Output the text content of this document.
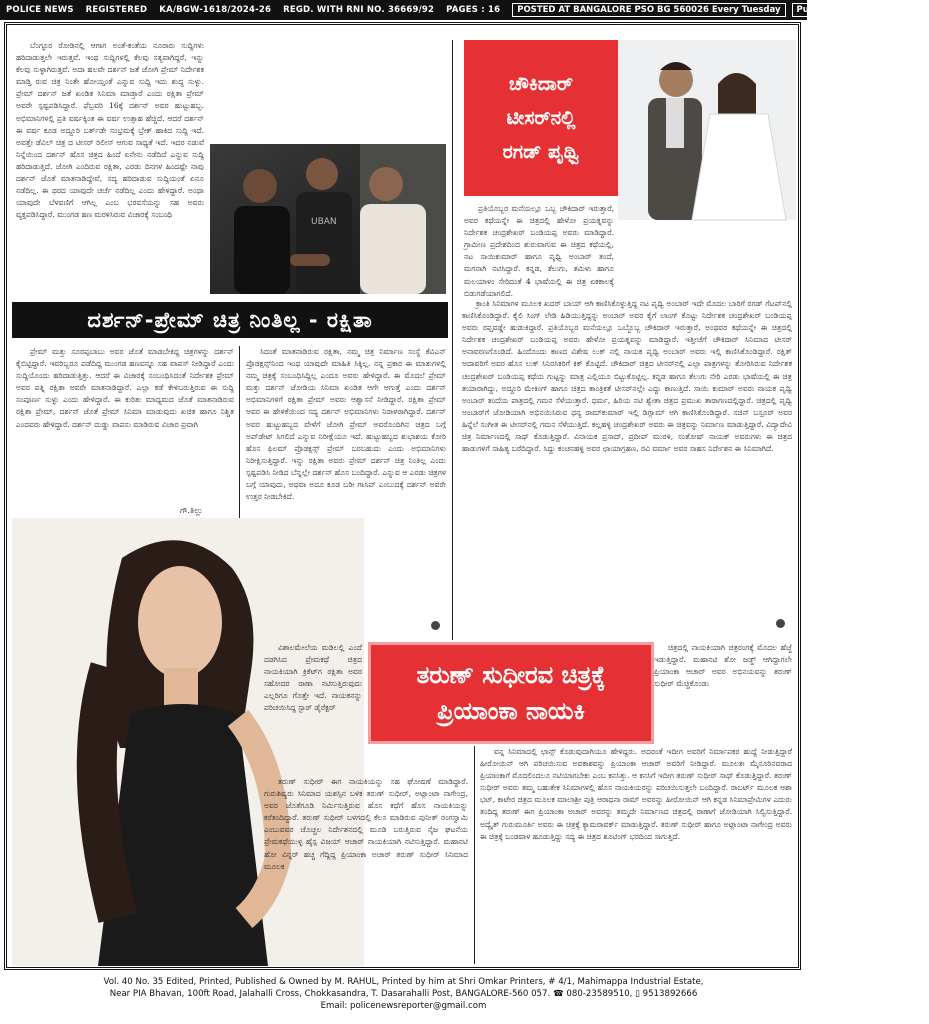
POLICE NEWS	REGISTERED	KA/BGW-1618/2024-26	REGD. WITH RNI NO. 36669/92	PAGES : 16	POSTED AT BANGALORE PSO BG 560026 Every Tuesday	Publishing Date : 2.2.2025
UBAN

ಬೆಂಗ್ಳೂರ ರೋಡಿನಲ್ಲಿ ಆಗಾಗ ಅಂತೆ-ಕಂತೆಯ ನೂರಾರು ಸುದ್ದಿಗಳು ಹರಿದಾಡುತ್ತಲೇ ಇರುತ್ತವೆ. ಇಂಥ ಸುದ್ದಿಗಳಲ್ಲಿ ಕೆಲವು ಸತ್ಯವಾಗಿದ್ದರೆ, ಇನ್ನು ಕೆಲವು ಸುಳ್ಳಾಗಿರುತ್ತವೆ. ಅದಾ ಹಲವೇ ದರ್ಶನ್ ಜತೆ ಜೋಗಿ ಪ್ರೇಮ್ ನಿರ್ದೇಶಕ ಮಾಡ್ತಿ ರುವ ಚಿತ್ರ ನಿಂತೇ ಹೋಯ್ತಂತೆ ಎನ್ನುವ ಸುದ್ದಿ ಇದು ಶುದ್ಧ ಸುಳ್ಳು. ಪ್ರೇಮ್ ದರ್ಶನ್ ಜತೆ ಖಂಡಿತ ಸಿನಿಮಾ ಮಾಡ್ತಾರೆ ಎಂದು ರಕ್ಷಿತಾ ಪ್ರೇಮ್ ಅವರೇ ಸ್ಪಷ್ಟಪಡಿಸಿದ್ದಾರೆ. ಫೆಬ್ರವರಿ 16ಕ್ಕೆ ದರ್ಶನ್ ಅವರ ಹುಟ್ಟುಹಬ್ಬ. ಅಭಿಮಾನಿಗಳಲ್ಲಿ ಪ್ರತಿ ವರ್ಷಕ್ಕಿಂತ ಈ ವರ್ಷ ಉತ್ಸಾಹ ಹೆಚ್ಚಿದೆ. ಆದರೆ ದರ್ಶನ್ ಈ ವರ್ಷ ಕೂಡ ಅದ್ದೂರಿ ಬರ್ತ್‌ಡೇ ಸಂಭ್ರಮಕ್ಕೆ ಬ್ರೇಕ್ ಹಾಕಿದ ಸುದ್ದಿ ಇದೆ. ಅವತ್ತೇ ಡೆವಿಲ್ ಚಿತ್ರ ದ ಟೀಸರ್ ರಿಲೀಸ್ ಆಗುವ ಸಾಧ್ಯತೆ ಇದೆ. ಇದರ ನಡುವೆ ನಿನ್ನೆಯಿಂದ ದರ್ಶನ್ ಹೊಸ ಚಿತ್ರದ ಹಿಂದೆ ಏನೇನು ನಡೆದಿದೆ ಎನ್ನುವ ಸುದ್ದಿ ಹರಿದಾಡುತ್ತಿದೆ. ಜೋಗಿ ಎಂದಿರುವ ರಕ್ಷಿತಾ, ಎರಡು ದಿನಗಳ ಹಿಂದಷ್ಟೇ ನಾವು ದರ್ಶನ್ ಜೊತೆ ಮಾತನಾಡಿದ್ದೇವೆ, ಸದ್ಯ ಹರಿದಾಡುವ ಸುದ್ದಿಯಂತೆ ಏನೂ ನಡೆದಿಲ್ಲ. ಈ ಥರದ ಯಾವುದೇ ಚರ್ಚೆ ನಡೆದಿಲ್ಲ ಎಂದು ಹೇಳಿದ್ದಾರೆ. ಅಂಥಾ ಯಾವುದೇ ಬೆಳವಣಿಗೆ ಆಗಿಲ್ಲ ಎಂಬ ಭರವಸೆಯನ್ನು ಸಹ ಅವರು ವ್ಯಕ್ತಪಡಿಸಿದ್ದಾರೆ. ಮುಂಗಡ ಹಣ ಮರಳಿಸಿರುವ ವಿಚಾರಕ್ಕೆ ಸಂಬಂಧಿ

ಚೌಕಿದಾರ್
ಟೀಸರ್‌ನಲ್ಲಿ
ರಗಡ್ ಪೃಥ್ವಿ

ಪ್ರತಿಯೊಬ್ಬರ ಮನೆಯಲ್ಲೂ ಒಬ್ಬ ಚೌಕಿದಾರ್ ಇರುತ್ತಾರೆ, ಅವರ ಕಥೆಯನ್ನೇ ಈ ಚಿತ್ರದಲ್ಲಿ ಹೇಳೋ ಪ್ರಯತ್ನವನ್ನು ನಿರ್ದೇಶಕ ಚಂದ್ರಶೇಖರ್ ಬಂಡಿಯಪ್ಪ ಅವರು ಮಾಡಿದ್ದಾರೆ. ಗ್ರಾಮೀಣ ಪ್ರದೇಶದಿಂದ ಶುರುವಾಗುವ ಈ ಚಿತ್ರದ ಕಥೆಯಲ್ಲಿ, ನಟ ಸಾಯಿಕುಮಾರ್ ಹಾಗೂ ಪೃಥ್ವಿ ಅಂಬಾರ್ ತಂದೆ, ಮಗನಾಗಿ ನಟಿಸಿದ್ದಾರೆ. ಕನ್ನಡ, ತೆಲುಗು, ತಮಿಳು ಹಾಗೂ ಮಲಯಾಳಂ ಸೇರಿದಂತೆ 4 ಭಾಷೆಯಲ್ಲಿ ಈ ಚಿತ್ರ ಏಕಕಾಲಕ್ಕೆ ಬಿಡುಗಡೆಯಾಗಲಿದೆ.

ಕ್ರಾಂತಿ ಸಿನಿಮಾಗಳ ಮೂಲಕ ಖದರ್ ಬಾಯ್ ಆಗಿ ಕಾಣಿಸಿಕೊಳ್ಳುತ್ತಿದ್ದ ನಟ ಪೃಥ್ವಿ ಅಂಬಾರ್ ಇದೇ ಮೊದಲ ಬಾರಿಗೆ ರಗಡ್ ಗೆಟಪ್‌ನಲ್ಲಿ ಕಾಣಿಸಿಕೊಂಡಿದ್ದಾರೆ. ಕೈಲಿ ಸಿಂಗ್ ಲೇಡಿ ಹಿಡಿಯುತ್ತಿದ್ದನ್ನು ಅಂಬಾರ್ ಅವರ ಕೈಗೆ ಲಾಂಗ್ ಕೊಟ್ಟು ನಿರ್ದೇಶಕ ಚಂದ್ರಶೇಖರ್ ಬಂಡಿಯಪ್ಪ ಅವರು ರಫ್ತವಡ್ಡೇ ಹುಡುಕಿದ್ದಾರೆ. ಪ್ರತಿಯೊಬ್ಬರ ಮನೆಯಲ್ಲೂ ಒಬ್ಬೊಬ್ಬ ಚೌಕಿದಾರ್ ಇರುತ್ತಾರೆ, ಅಂಥವರ ಕಥೆಯನ್ನೇ ಈ ಚಿತ್ರದಲ್ಲಿ ನಿರ್ದೇಶಕ ಚಂದ್ರಶೇಖರ್ ಬಂಡಿಯಪ್ಪ ಅವರು ಹೇಳೋ ಪ್ರಯತ್ನವನ್ನು ಮಾಡಿದ್ದಾರೆ. ಇತ್ತೀಚೆಗೆ ಚೌಕಿದಾರ್ ಸಿನಿಮಾದ ಟೀಸರ್ ಅನಾವರಣಗೊಂಡಿದೆ. ಹಿಂದೊಂದು ಕಾಣದ ವಿಶೇಷ ಲುಕ್ ನಲ್ಲಿ ನಾಯಕ ಪೃಥ್ವಿ ಅಂಬಾರ್ ಅವರು ಇಲ್ಲಿ ಕಾಣಿಸಿಕೊಂಡಿದ್ದಾರೆ. ರಕ್ಷಿತ್ ಅದಾವರಿಗೆ ಅವರ ಹೊಸ ಲುಕ್ ಸಿನಿರಸಿಕರಿಗೆ ಕಿಕ್ ಕೊಟ್ಟಿದೆ. ಚೌಕಿದಾರ್ ಚಿತ್ರದ ಟೀಸರ್‌ನಲ್ಲಿ ಎಲ್ಲಾ ಪಾತ್ರಗಳನ್ನು ತೋರಿಸಿರುವ ನಿರ್ದೇಶಕ ಚಂದ್ರಶೇಖರ್ ಬಂಡಿಯಪ್ಪ ಕಥೆಯ ಗುಟ್ಟನ್ನು ಮಾತ್ರ ಎಲ್ಲಿಯೂ ಬಿಟ್ಟುಕೊಟ್ಟಿಲ್ಲ. ಕನ್ನಡ ಹಾಗೂ ತೆಲುಗು ನೇರಿ ಎರಡು ಭಾಷೆಯಲ್ಲಿ ಈ ಚಿತ್ರ ತಯಾರಾಗಿದ್ದು, ಅದ್ದೂರಿ ಮೇಕಿಂಗ್ ಹಾಗೂ ಚಿತ್ರದ ತಾಂತ್ರಿಕತೆ ಟೀಸರ್‌ನಲ್ಲೇ ಎದ್ದು ಕಾಣುತ್ತಿದೆ. ಸಾಯಿ ಕುಮಾರ್ ಅವರು ನಾಯಕ ಪೃಥ್ವಿ ಅಂಬಾರ್ ತಂದೆಯ ಪಾತ್ರದಲ್ಲಿ ಗಮನ ಸೆಳೆಯುತ್ತಾರೆ. ಧರ್ಮ, ಹಿರಿಯ ನಟಿ ಶ್ವೇತಾ ಚಿತ್ರದ ಪ್ರಮುಖ ತಾರಾಗಣದಲ್ಲಿದ್ದಾರೆ. ಚಿತ್ರದಲ್ಲಿ ಪೃಥ್ವಿ ಅಂಬಾರ್‌ಗೆ ಜೋಡಿಯಾಗಿ ಅಭಿನಯಿಸಿರುವ ಧನ್ಯ ರಾಮ್‌ಕುಮಾರ್ ಇಲ್ಲಿ ಡಿಗ್ಲಾಮ್ ಆಗಿ ಕಾಣಿಸಿಕೊಂಡಿದ್ದಾರೆ. ಸಚಿನ್ ಬಸ್ರೂರ್ ಅವರ ಹಿನ್ನೆಲೆ ಸಂಗೀತ ಈ ಟೀಸರ್‌ನಲ್ಲಿ ಗಮನ ಸೆಳೆಯುತ್ತಿದೆ. ಕಲ್ಲಹಳ್ಳಿ ಚಂದ್ರಶೇಖರ್ ಅವರು ಈ ಚಿತ್ರವನ್ನು ನಿರ್ಮಾಣ ಮಾಡುತ್ತಿದ್ದಾರೆ. ವಿದ್ಯಾದೇವಿ ಚಿತ್ರ ನಿರ್ಮಾಣದಲ್ಲಿ ಸಾಥ್ ಕೊಡುತ್ತಿದ್ದಾರೆ. ವಿನಾಯಕ ಪ್ರಸಾದ್, ಪ್ರದೀಪ್ ಮುರಳಿ, ಸಂತೋಷ್ ನಾಯಕ್ ಅವರುಗಳು ಈ ಚಿತ್ರದ ಹಾಡುಗಳಿಗೆ ಸಾಹಿತ್ಯ ಬರೆದಿದ್ದಾರೆ. ಸಿದ್ದು ಕಂಚನಹಳ್ಳಿ ಅವರ ಛಾಯಾಗ್ರಹಣ, ರವಿ ವರ್ಮಾ ಅವರ ಸಾಹಸ ನಿರ್ದೇಶನ ಈ ಸಿನಿಮಾಗಿದೆ.

ದರ್ಶನ್-ಪ್ರೇಮ್ ಚಿತ್ರ ನಿಂತಿಲ್ಲ - ರಕ್ಷಿತಾ

ಪ್ರೇಮ್ ಮತ್ತು ಸೂರಪ್ಪಬಾಬು ಅವರ ಜೊತೆ ಮಾಡಬೇಕಿದ್ದ ಚಿತ್ರಗಳನ್ನು ದರ್ಶನ್ ಕೈಬಿಟ್ಟಿದ್ದಾರೆ. ಇವರಿಬ್ಬರೂ ಪಡೆದಿದ್ದ ಮುಂಗಡ ಹಣವನ್ನೂ ಸಹ ವಾಪಸ್ ನೀಡಿದ್ದಾರೆ ಎಂದು ಸುದ್ದಿಯೊಂದು ಹರಿದಾಡುತ್ತಿತ್ತು. ಆದರೆ ಈ ವಿಚಾರಕ್ಕೆ ಸಂಬಂಧಿಸಿದಂತೆ ನಿರ್ದೇಶಕ ಪ್ರೇಮ್ ಅವರ ಪತ್ನಿ ರಕ್ಷಿತಾ ಅವರೇ ಮಾತನಾಡಿದ್ದಾರೆ. ಎಲ್ಲಾ ಕಡೆ ಕೇಳಿಬರುತ್ತಿರುವ ಈ ಸುದ್ದಿ ಸಂಪೂರ್ಣ ಸುಳ್ಳು ಎಂದು ಹೇಳಿದ್ದಾರೆ. ಈ ಕುರಿತು ಮಾಧ್ಯಮದ ಜೊತೆ ಮಾತನಾಡಿರುವ ರಕ್ಷಿತಾ ಪ್ರೇಮ್, ದರ್ಶನ್ ಜೊತೆ ಪ್ರೇಮ್ ಸಿನಿಮಾ ಮಾಡುವುದು ಖಚಿತ ಹಾಗೂ ನಿಶ್ಚಿತ ಎಂದವರು ಹೇಳಿದ್ದಾರೆ. ದರ್ಶನ್ ದುಡ್ಡು ವಾಪಸು ಮಾಡಿರುವ ವಿಚಾರ ಪ್ರವಾಗಿ

ಗೌ.ತಿಲ್ಲು

ಸಿದಂತೆ ಮಾತನಾಡಿರುವ ರಕ್ಷಿತಾ, ನಮ್ಮ ಚಿತ್ರ ನಿರ್ಮಾಣ ಸಂಸ್ಥೆ ಕೆವಿಎನ್ ಪ್ರೊಡಕ್ಷನ್ಸ್‌ನಿಂದ ಇಂಥ ಯಾವುದೇ ಮಾಹಿತಿ ಸಿಕ್ಕಿಲ್ಲ. ನನ್ನ ಪ್ರಕಾರ ಈ ಮಾತುಗಳಲ್ಲಿ ನಮ್ಮ ಚಿತ್ರಕ್ಕೆ ಸಂಬಂಧಿಸಿದ್ದಿಲ್ಲ ಎಂದೂ ಅವರು ಹೇಳಿದ್ದಾರೆ. ಈ ಮೊದಲೆ ಪ್ರೇಮ್ ಮತ್ತು ದರ್ಶನ್ ಜೋಡಿಯ ಸಿನಿಮಾ ಖಂಡಿತ ಆಗೇ ಆಗುತ್ತೆ ಎಂದು ದರ್ಶನ್ ಅಭಿಮಾನಿಗಳಿಗೆ ರಕ್ಷಿತಾ ಪ್ರೇಮ್ ಅವರು ಆಶ್ವಾಸನೆ ನೀಡಿದ್ದಾರೆ. ರಕ್ಷಿತಾ ಪ್ರೇಮ್ ಅವರ ಈ ಹೇಳಿಕೆಯಿಂದ ಸದ್ಯ ದರ್ಶನ್ ಅಭಿಮಾನಿಗಳು ನಿರಾಳರಾಗಿದ್ದಾರೆ. ದರ್ಶನ್ ಅವರ ಹುಟ್ಟುಹಬ್ಬದ ವೇಳೆಗೆ ಜೋಗಿ ಪ್ರೇಮ್ ಅವರೊಂದಿಗಿನ ಚಿತ್ರದ ಬಗ್ಗೆ ಅಪ್‌ಡೇಟ್ ಸಿಗಲಿದೆ ಎನ್ನುವ ನಿರೀಕ್ಷೆಯೂ ಇದೆ. ಹುಟ್ಟುಹಬ್ಬದ ಶುಭಾಶಯ ಕೋರಿ ಹೊಸ ಫಿಲಮ್ ಪ್ರೊಡಕ್ಷನ್ಸ್ ಪ್ರೇಮ್ ಬರಬಹುದು ಎಂದು ಅಭಿಮಾನಿಗಳು ನಿರೀಕ್ಷಿಸುತ್ತಿದ್ದಾರೆ. ಇನ್ನು ರಕ್ಷಿತಾ ಅವರು ಪ್ರೇಮ್ ದರ್ಶನ್ ಚಿತ್ರ ನಿಂತಿಲ್ಲ ಎಂದು ಸ್ಪಷ್ಟಪಡಿಸಿ ನೀಡಿದ ಬೆನ್ನಲ್ಲೇ ದರ್ಶನ್ ಹೊಸ ಬಂದಿದ್ದಾರೆ. ಎನ್ನುವ ಆ ಎರಡು ಚಿತ್ರಗಳ ಬಗ್ಗೆ ಯಾವುದು, ಅಥವಾ ಅದೂ ಕೂಡ ಬರೀ ಗಾಸಿಪ್ ಎಂಬುದಕ್ಕೆ ದರ್ಶನ್ ಅವರೇ ಉತ್ತರ ನೀಡಬೇಕಿದೆ.

ತರುಣ್ ಸುಧೀರವ ಚಿತ್ರಕ್ಕೆ
ಪ್ರಿಯಾಂಕಾ ನಾಯಕಿ

ವಿಶಾಲಮೇಲೆಯ ಮಡಿಲಲ್ಲಿ ಎಂದೆ ದಡಗಿಸಿದ ಪ್ರೇಮಕಥೆ ಚಿತ್ರದ ನಾಯಕಿಯಾಗಿ ಕ್ರಿಕೆಟ್‌ಗ ರಕ್ಷಿತಾ ಅವರ ಸಹೋದರ ರಾಣಾ ನಟಿಸುತ್ತಿರುವುದು ಎಲ್ಲರಿಗೂ ಗೊತ್ತೇ ಇದೆ. ನಾಯಕನನ್ನು ಪರಿಚಯಿಸಿದ್ದ ಸ್ಟಾರ್ ಡೈರೆಕ್ಟರ್

ಚಿತ್ರದಲ್ಲಿ ನಾಯಕಿಯಾಗಿ ಚಿತ್ರರಂಗಕ್ಕೆ ಮೊದಲ ಹೆಜ್ಜೆ ಇಡುತ್ತಿದ್ದಾರೆ. ಮಹಾನಟಿ ಶೋ ಜಡ್ಜ್ ಆಗಿದ್ದಾಗಲೇ ಪ್ರಿಯಾಂಕಾ ಆಚಾರ್ ಅವರ ಅಭಿನಯವನ್ನು ತರುಣ್ ಸುಧೀರ್ ಮೆಚ್ಚಿಕೊಂಡು

ತರುಣ್ ಸುಧೀರ್ ಈಗ ನಾಯಕಿಯನ್ನು ಸಹ ಘೋಷಣೆ ಮಾಡಿದ್ದಾರೆ. ಗುರುಶಿಷ್ಯರು ಸಿನಿಮಾದ ಯಶಸ್ಸಿನ ಬಳಿಕ ತರುಣ್ ಸುಧೀರ್, ಅಟ್ಲಾಂಟಾ ನಾಗೇಂದ್ರ, ಅವರ ಜೊತೆಗೂಡಿ ನಿರ್ಮಿಸುತ್ತಿರುವ ಹೊಸ ಕಥೆಗೆ ಹೊಸ ನಾಯಕಿಯನ್ನು ಕರೆತಂದಿದ್ದಾರೆ. ತರುಣ್ ಸುಧೀರ್ ಬಳಗದಲ್ಲಿ ಕೆಲಸ ಮಾಡಿರುವ ಪುನೀತ್ ರಂಗಸ್ವಾಮಿ ಎಂಬುವವರ ಚೊಚ್ಚಲ ನಿರ್ದೇಶನದಲ್ಲಿ ಮೂಡಿ ಬರುತ್ತಿರುವ ನೈಜ ಘಟನೆಯ ಪ್ರೇಮಕಥೆಯುಳ್ಳ ಹೈಸ್ಪ ವಿಜಯ್ ಆಚಾರ್ ನಾಯಕಿಯಾಗಿ ನಟಿಸುತ್ತಿದ್ದಾರೆ. ಮಹಾನಟಿ ಹೋ ವಿನ್ನರ್ ಹಚ್ಚ ಗೆದ್ದಿದ್ದ ಪ್ರಿಯಾಂಕಾ ಅಚಾರ್ ತರುಣ್ ಸುಧೀರ್ ಸಿನಿಮಾದ ಮೂಲಕ

ವನ್ನ ಸಿನಿಮಾದಲ್ಲಿ ಛಾನ್ಸ್ ಕೊಡುವುದಾಗಿಯೂ ಹೇಳಿದ್ದರು. ಅದರಂತೆ ಇದೀಗ ಅವರಿಗೆ ನಿರ್ಮಾಪಕರ ಹುದ್ದೆ ನೀಡುತ್ತಿದ್ದಾರೆ ಹೀರೋಯಿನ್ ಆಗಿ ಪರಿಚಯಿಸುವ ಅವಕಾಶವನ್ನು ಪ್ರಿಯಾಂಕಾ ಆಚಾರ್ ಅವರಿಗೆ ನೀಡಿದ್ದಾರೆ. ಮೂಲತಃ ಮೈಸೂರಿನವರಾದ ಪ್ರಿಯಾಂಕಾಗೆ ಮೊದಲಿಂದಲೂ ನಟಿಯಾಗಬೇಕು ಎಂಬ ಕನಸಿತ್ತು. ಆ ಕನಸಿಗೆ ಇದೀಗ ತರುಣ್ ಸುಧೀರ್ ಸಾಥ್ ಕೊಡುತ್ತಿದ್ದಾರೆ. ತರುಣ್ ಸುಧೀರ್ ಅವರು ತಮ್ಮ ಬಹುತೇಕ ಸಿನಿಮಾಗಳಲ್ಲಿ ಹೊಸ ನಾಯಕಿಯರನ್ನು ಪರಿಚಯಿಸುತ್ತಲೇ ಬಂದಿದ್ದಾರೆ. ರಾಬರ್ಟ್ ಮೂಲಕ ಆಶಾ ಭಟ್, ಕಾಟೇರ ಚಿತ್ರದ ಮೂಲಕ ಮಾಲಾಶ್ರೀ ಪುತ್ರಿ ಆರಾಧನಾ ರಾಮ್ ಅವರನ್ನು ಹೀರೋಯಿನ್ ಆಗಿ ಕನ್ನಡ ಸಿನಿಮಾಪ್ರೇಮಿಗಳ ಎದುರು ತಂದಿದ್ದ ತರುಣ್ ಈಗ ಪ್ರಿಯಾಂಕಾ ಅಚಾರ್ ಅವರನ್ನು ತಮ್ಮದೇ ನಿರ್ಮಾಣದ ಚಿತ್ರದಲ್ಲಿ ರಾಣಾಗೆ ಜೋಡಿಯಾಗಿ ಸಿಲ್ವಿಸುತ್ತಿದ್ದಾರೆ. ಅದ್ವೈತ್ ಗುರುಮೂರ್ತಿ ಅವರು ಈ ಚಿತ್ರಕ್ಕೆ ಕ್ಯಾಮರಾವರ್ಕ್ ಮಾಡುತ್ತಿದ್ದಾರೆ. ತರುಣ್ ಸುಧೀರ್ ಹಾಗೂ ಅಟ್ಲಾಂಟಾ ನಾಗೇಂದ್ರ ಅವರು ಈ ಚಿತ್ರಕ್ಕೆ ಬಂಡವಾಳ ಹೂಡುತ್ತಿದ್ದು ಸದ್ಯ ಈ ಚಿತ್ರದ ಶೂಟಿಂಗ್ ಭರದಿಂದ ಸಾಗುತ್ತಿದೆ.

Vol. 40 No. 35 Edited, Printed, Published & Owned by M. RAHUL, Printed by him at Shri Omkar Printers, # 4/1, Mahimappa Industrial Estate,
Near PIA Bhavan, 100ft Road, Jalahalli Cross, Chokkasandra, T. Dasarahalli Post, BANGALORE-560 057. ☎ 080-23589510, ▯ 9513892666
Email: policenewsreporter@gmail.com
